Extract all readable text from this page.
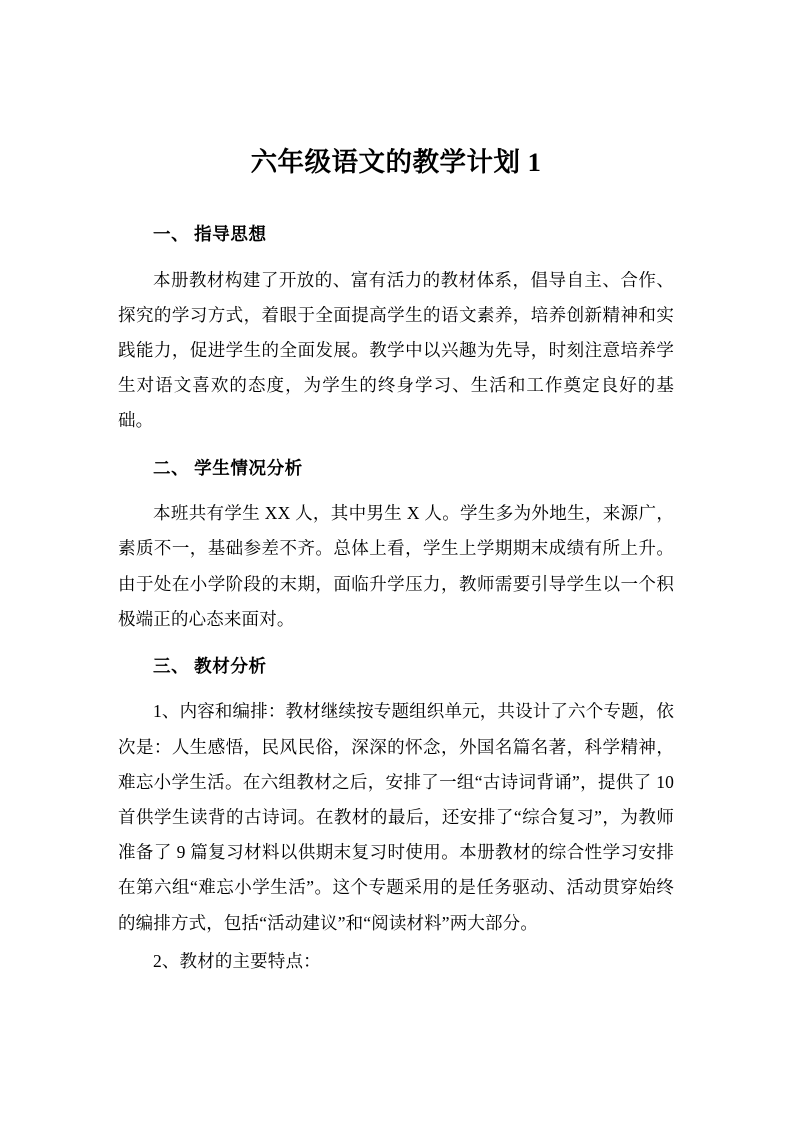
六年级语文的教学计划 1
一、 指导思想

本册教材构建了开放的、富有活力的教材体系，倡导自主、合作、探究的学习方式，着眼于全面提高学生的语文素养，培养创新精神和实践能力，促进学生的全面发展。教学中以兴趣为先导，时刻注意培养学生对语文喜欢的态度，为学生的终身学习、生活和工作奠定良好的基础。

二、 学生情况分析

本班共有学生 XX 人，其中男生 X 人。学生多为外地生，来源广，素质不一，基础参差不齐。总体上看，学生上学期期末成绩有所上升。由于处在小学阶段的末期，面临升学压力，教师需要引导学生以一个积极端正的心态来面对。

三、 教材分析

1、内容和编排：教材继续按专题组织单元，共设计了六个专题，依次是：人生感悟，民风民俗，深深的怀念，外国名篇名著，科学精神，难忘小学生活。在六组教材之后，安排了一组“古诗词背诵”，提供了 10 首供学生读背的古诗词。在教材的最后，还安排了“综合复习”，为教师准备了 9 篇复习材料以供期末复习时使用。本册教材的综合性学习安排在第六组“难忘小学生活”。这个专题采用的是任务驱动、活动贯穿始终的编排方式，包括“活动建议”和“阅读材料”两大部分。

2、教材的主要特点：
